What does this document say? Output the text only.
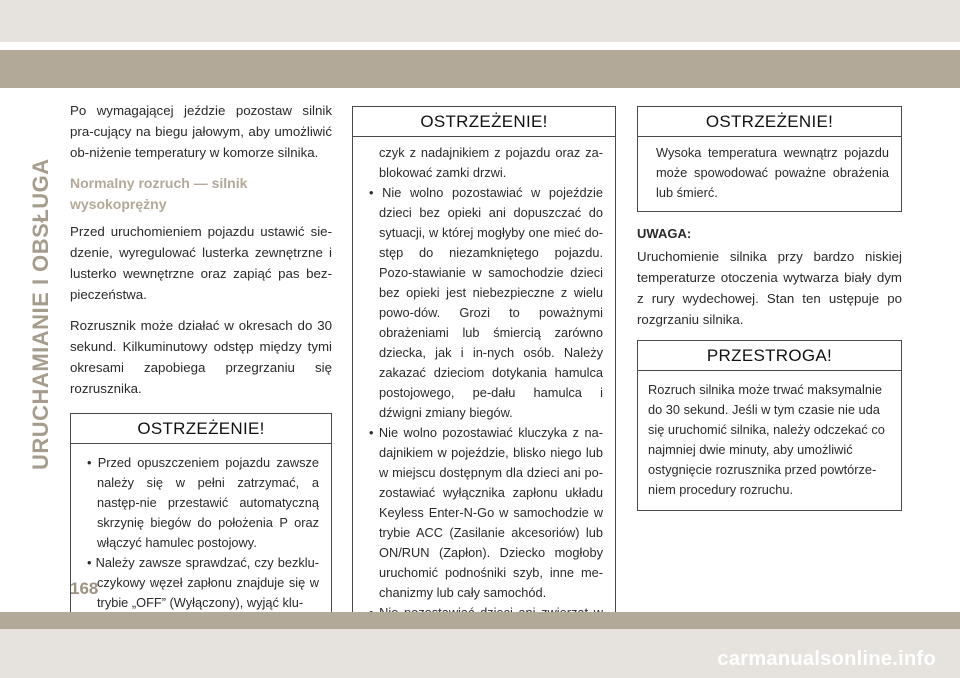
URUCHAMIANIE I OBSŁUGA

Po wymagającej jeździe pozostaw silnik pra-cujący na biegu jałowym, aby umożliwić ob-niżenie temperatury w komorze silnika.

Normalny rozruch — silnik wysokoprężny

Przed uruchomieniem pojazdu ustawić sie-dzenie, wyregulować lusterka zewnętrzne i lusterko wewnętrzne oraz zapiąć pas bez-pieczeństwa.

Rozrusznik może działać w okresach do 30 sekund. Kilkuminutowy odstęp między tymi okresami zapobiega przegrzaniu się rozrusznika.

OSTRZEŻENIE!
• Przed opuszczeniem pojazdu zawsze należy się w pełni zatrzymać, a następ-nie przestawić automatyczną skrzynię biegów do położenia P oraz włączyć hamulec postojowy.
• Należy zawsze sprawdzać, czy bezklu-czykowy węzeł zapłonu znajduje się w trybie „OFF” (Wyłączony), wyjąć klu-
OSTRZEŻENIE!
czyk z nadajnikiem z pojazdu oraz za-blokować zamki drzwi.
• Nie wolno pozostawiać w pojeździe dzieci bez opieki ani dopuszczać do sytuacji, w której mogłyby one mieć do-stęp do niezamkniętego pojazdu. Pozo-stawianie w samochodzie dzieci bez opieki jest niebezpieczne z wielu powo-dów. Grozi to poważnymi obrażeniami lub śmiercią zarówno dziecka, jak i in-nych osób. Należy zakazać dzieciom dotykania hamulca postojowego, pe-dału hamulca i dźwigni zmiany biegów.
• Nie wolno pozostawiać kluczyka z na-dajnikiem w pojeździe, blisko niego lub w miejscu dostępnym dla dzieci ani po-zostawiać wyłącznika zapłonu układu Keyless Enter-N-Go w samochodzie w trybie ACC (Zasilanie akcesoriów) lub ON/RUN (Zapłon). Dziecko mogłoby uruchomić podnośniki szyb, inne me-chanizmy lub cały samochód.
OSTRZEŻENIE!

Wysoka temperatura wewnątrz pojazdu może spowodować poważne obrażenia lub śmierć.

UWAGA:

Uruchomienie silnika przy bardzo niskiej temperaturze otoczenia wytwarza biały dym z rury wydechowej. Stan ten ustępuje po rozgrzaniu silnika.

PRZESTROGA!

Rozruch silnika może trwać maksymalnie do 30 sekund. Jeśli w tym czasie nie uda się uruchomić silnika, należy odczekać co najmniej dwie minuty, aby umożliwić ostygnięcie rozrusznika przed powtórze-niem procedury rozruchu.

168
carmanualsonline.info
